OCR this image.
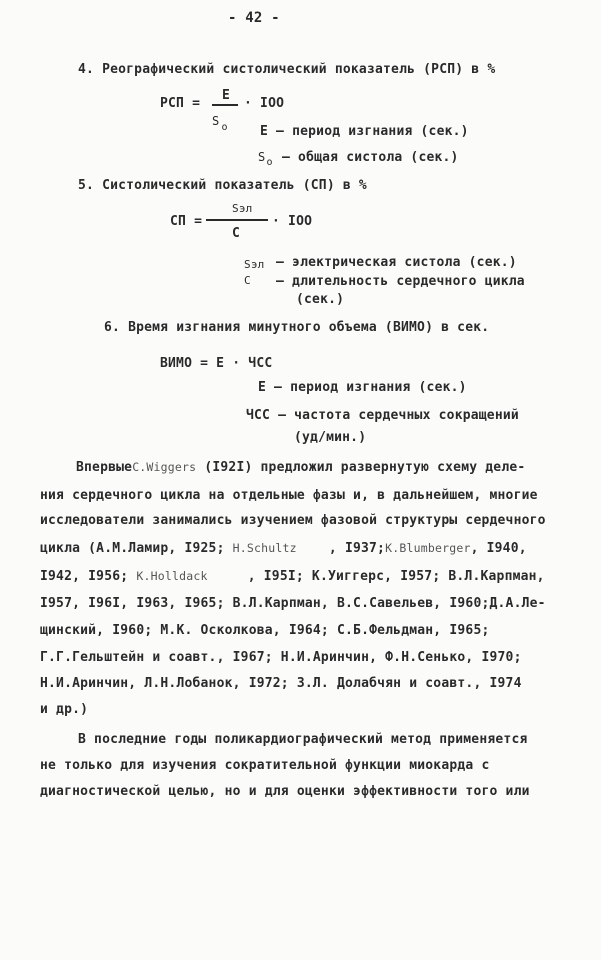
- 42 -
4. Реографический систолический показатель (РСП) в %
РСП =
E
S $_o$
· IOO
E – период изгнания (сек.)
$S_o$ – общая систола (сек.)
5. Систолический показатель (СП) в %
СП =
Sэл
C
· IOO
Sэл – электрическая систола (сек.)
C – длительность сердечного цикла
(сек.)
6. Время изгнания минутного объема (ВИМО) в сек.
ВИМО = E · ЧСС
E – период изгнания (сек.)
ЧСС – частота сердечных сокращений
(уд/мин.)
ВпервыеC.Wiggers (I92I) предложил развернутую схему деле-
ния сердечного цикла на отдельные фазы и, в дальнейшем, многие
исследователи занимались изучением фазовой структуры сердечного
цикла (А.М.Ламир, I925; H.Schultz , I937;K.Blumberger, I940,
I942, I956; K.Holldack	, I95I; К.Уиггерс, I957; В.Л.Карпман,
I957, I96I, I963, I965; В.Л.Карпман, В.С.Савельев, I960;Д.А.Ле-
щинский, I960; М.К. Осколкова, I964; С.Б.Фельдман, I965;
Г.Г.Гельштейн и соавт., I967; Н.И.Аринчин, Ф.Н.Сенько, I970;
Н.И.Аринчин, Л.Н.Лобанок, I972; З.Л. Долабчян и соавт., I974
и др.)
В последние годы поликардиографический метод применяется
не только для изучения сократительной функции миокарда с
диагностической целью, но и для оценки эффективности того или
